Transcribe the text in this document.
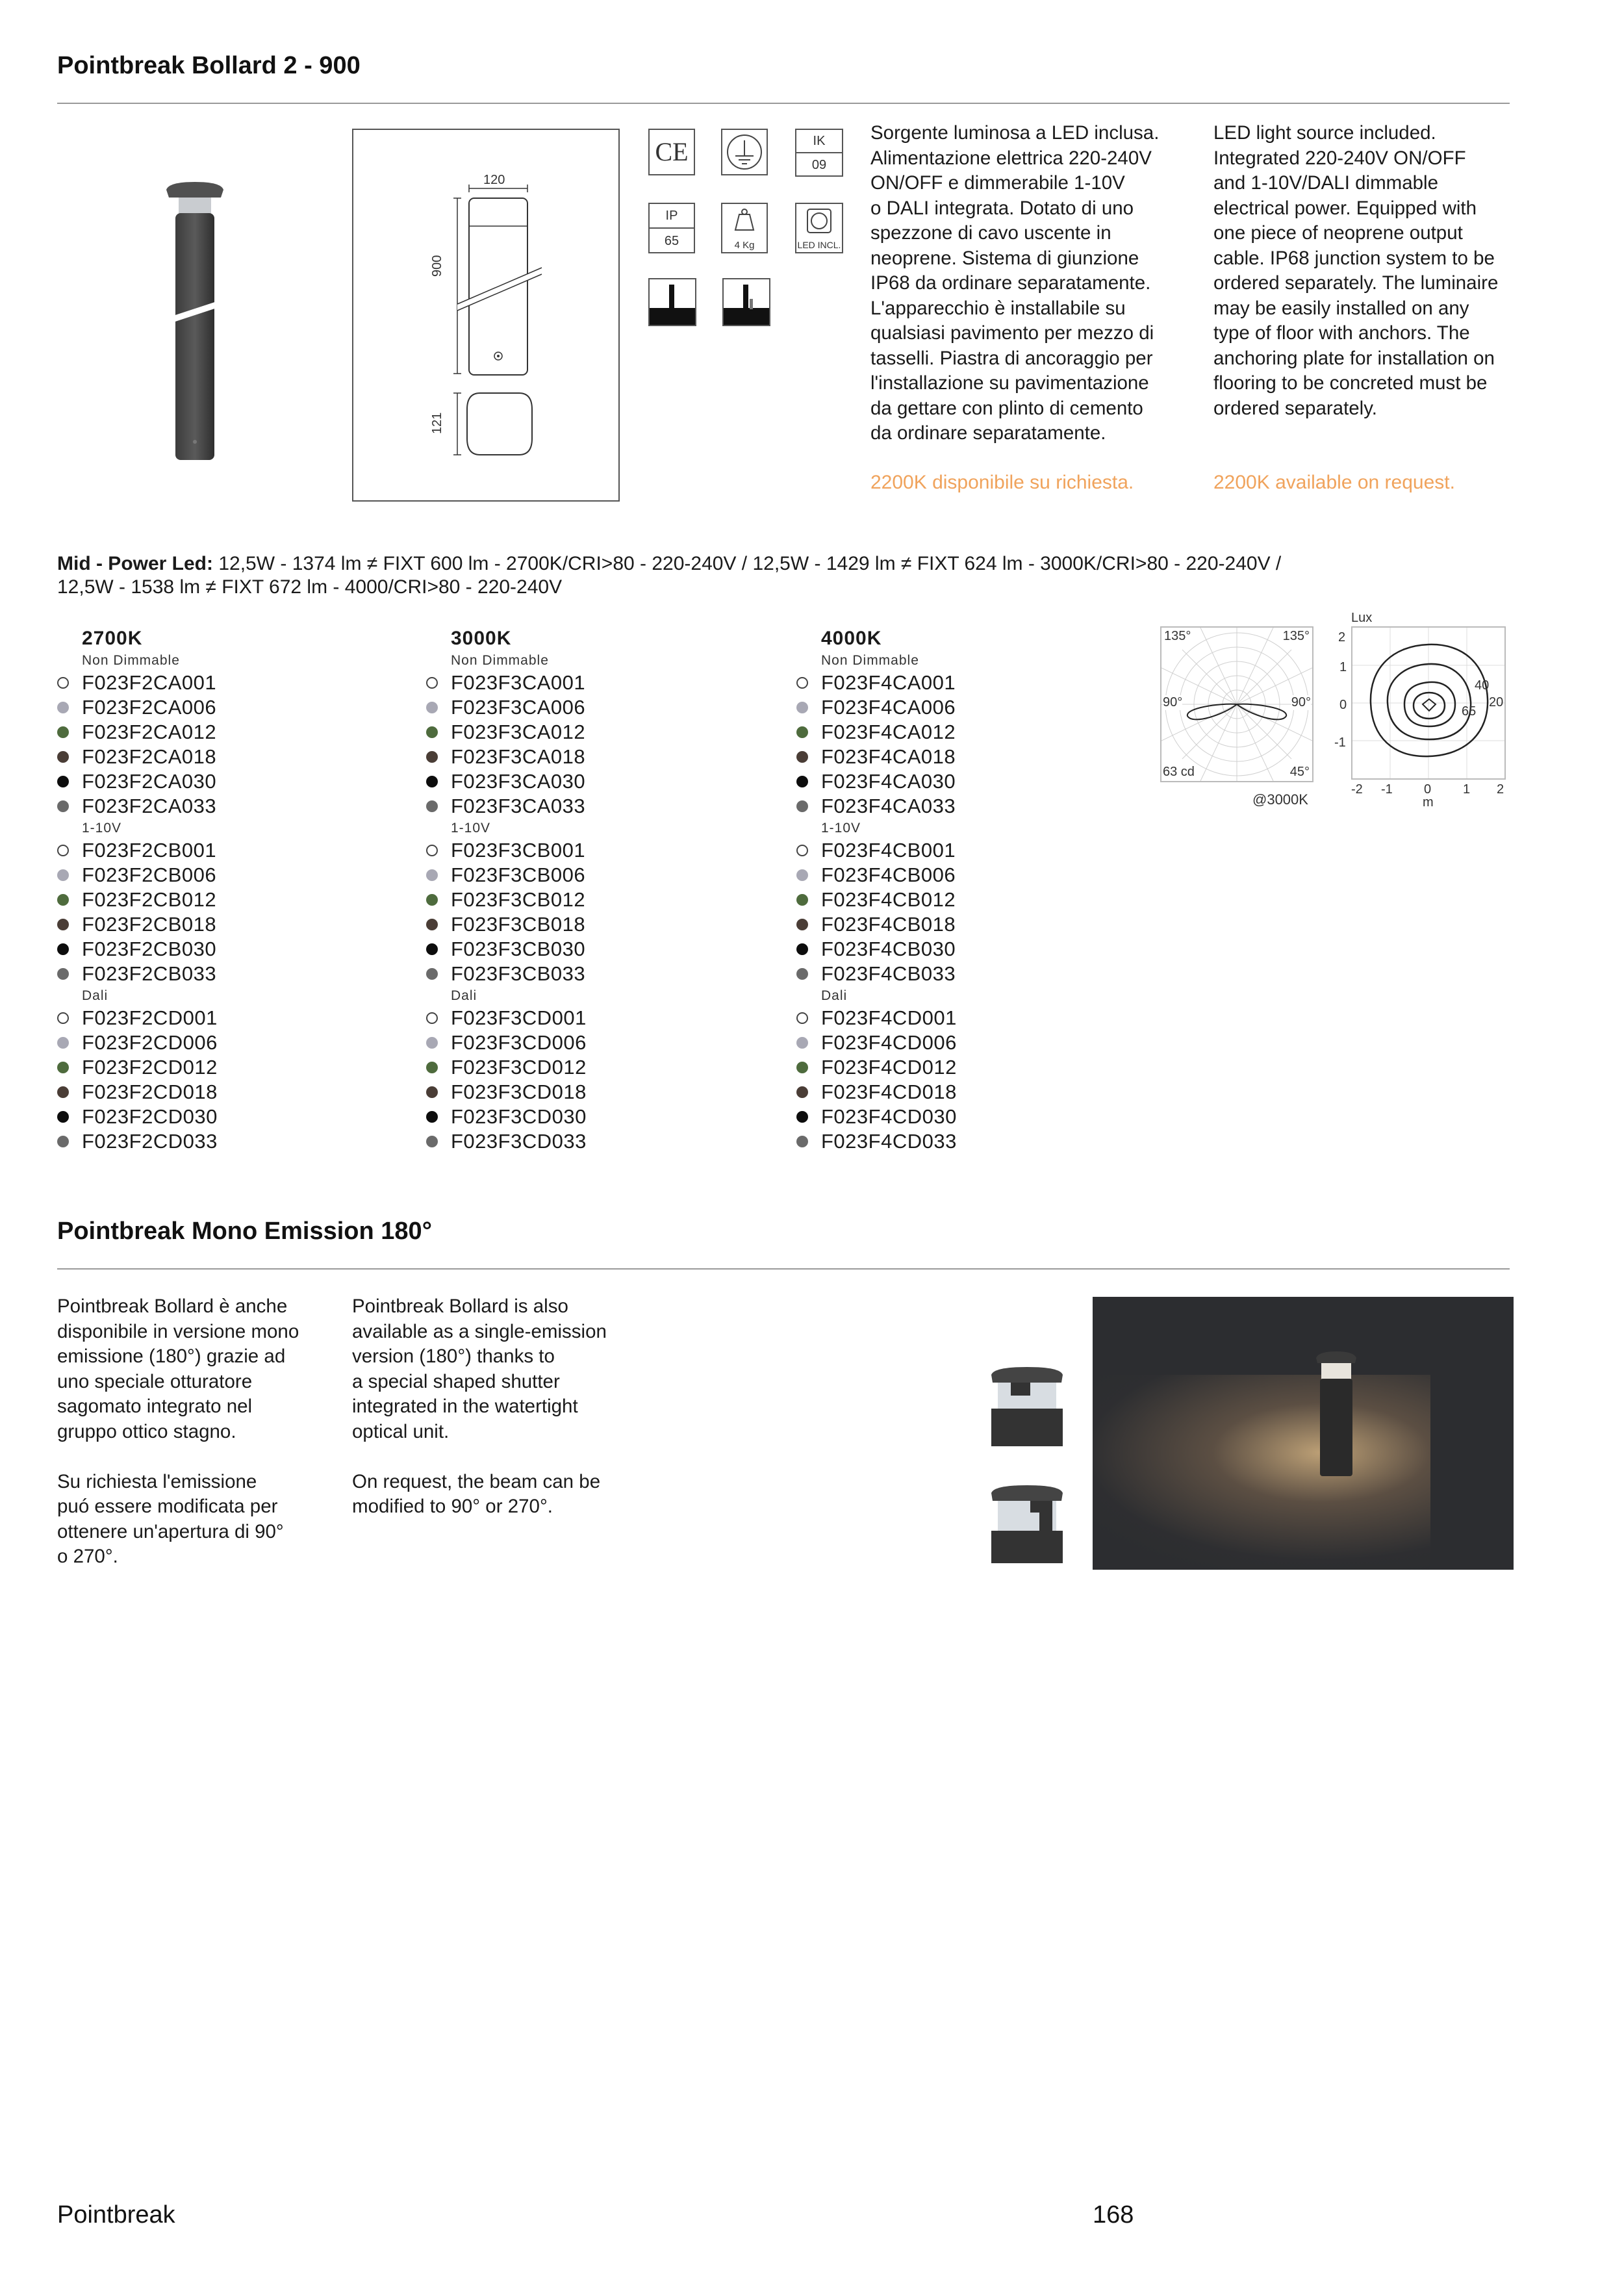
Pointbreak Bollard 2 - 900
120
900
121
CE	IK
09
IP
65	4 Kg	LED INCL.
Sorgente luminosa a LED inclusa.
Alimentazione elettrica 220-240V
ON/OFF e dimmerabile 1-10V
o DALI integrata. Dotato di uno
spezzone di cavo uscente in
neoprene. Sistema di giunzione
IP68 da ordinare separatamente.
L'apparecchio è installabile su
qualsiasi pavimento per mezzo di
tasselli. Piastra di ancoraggio per
l'installazione su pavimentazione
da gettare con plinto di cemento
da ordinare separatamente.
LED light source included.
Integrated 220-240V ON/OFF
and 1-10V/DALI dimmable
electrical power. Equipped with
one piece of neoprene output
cable. IP68 junction system to be
ordered separately. The luminaire
may be easily installed on any
type of floor with anchors. The
anchoring plate for installation on
flooring to be concreted must be
ordered separately.
2200K disponibile su richiesta.	2200K available on request.
Mid - Power Led: 12,5W - 1374 lm ≠ FIXT 600 lm - 2700K/CRI>80 - 220-240V / 12,5W - 1429 lm ≠ FIXT 624 lm - 3000K/CRI>80 - 220-240V /
12,5W - 1538 lm ≠ FIXT 672 lm - 4000/CRI>80 - 220-240V
2700K
Non Dimmable
F023F2CA001
F023F2CA006
F023F2CA012
F023F2CA018
F023F2CA030
F023F2CA033
1-10V
F023F2CB001
F023F2CB006
F023F2CB012
F023F2CB018
F023F2CB030
F023F2CB033
Dali
F023F2CD001
F023F2CD006
F023F2CD012
F023F2CD018
F023F2CD030
F023F2CD033
3000K
Non Dimmable
F023F3CA001
F023F3CA006
F023F3CA012
F023F3CA018
F023F3CA030
F023F3CA033
1-10V
F023F3CB001
F023F3CB006
F023F3CB012
F023F3CB018
F023F3CB030
F023F3CB033
Dali
F023F3CD001
F023F3CD006
F023F3CD012
F023F3CD018
F023F3CD030
F023F3CD033
4000K
Non Dimmable
F023F4CA001
F023F4CA006
F023F4CA012
F023F4CA018
F023F4CA030
F023F4CA033
1-10V
F023F4CB001
F023F4CB006
F023F4CB012
F023F4CB018
F023F4CB030
F023F4CB033
Dali
F023F4CD001
F023F4CD006
F023F4CD012
F023F4CD018
F023F4CD030
F023F4CD033
135°	135°
90°	90°
63 cd	45°
@3000K
Lux
40
65
20
2
1
0
-1
-2 -1 0 1 2
m
Pointbreak Mono Emission 180°
Pointbreak Bollard è anche
disponibile in versione mono
emissione (180°) grazie ad
uno speciale otturatore
sagomato integrato nel
gruppo ottico stagno.
Su richiesta l'emissione
puó essere modificata per
ottenere un'apertura di 90°
o 270°.
Pointbreak Bollard is also
available as a single-emission
version (180°) thanks to
a special shaped shutter
integrated in the watertight
optical unit.
On request, the beam can be
modified to 90° or 270°.
Pointbreak	168
